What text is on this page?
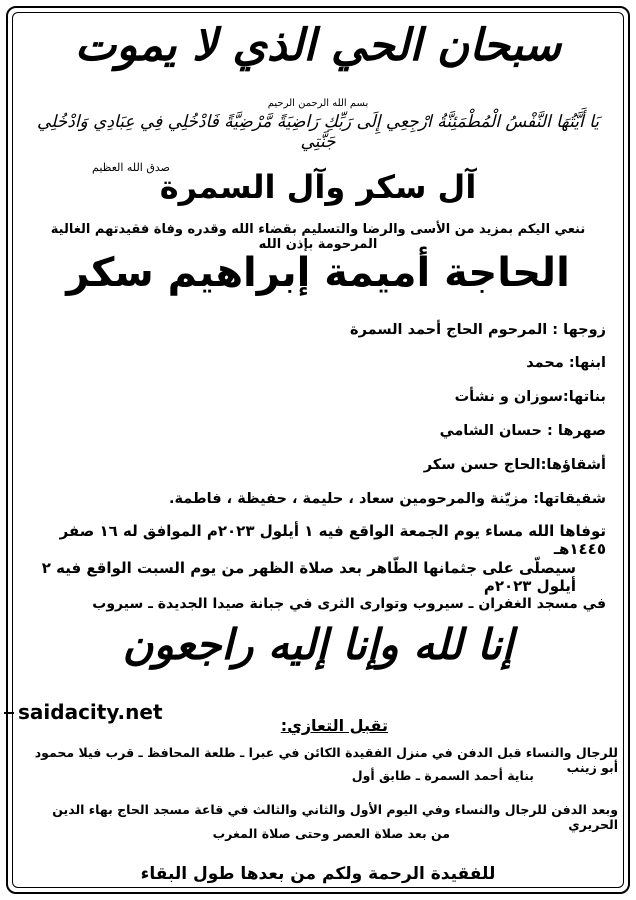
سبحان الحي الذي لا يموت
بسم الله الرحمن الرحيم
يَا أَيَّتُهَا النَّفْسُ الْمُطْمَئِنَّةُ ارْجِعِي إِلَى رَبِّكِ رَاضِيَةً مَّرْضِيَّةً فَادْخُلِي فِي عِبَادِي وَادْخُلِي جَنَّتِي
صدق الله العظيم
آل سكر وآل السمرة
ننعي اليكم بمزيد من الأسى والرضا والتسليم بقضاء الله وقدره وفاة فقيدتهم الغالية المرحومة بإذن الله
الحاجة أميمة إبراهيم سكر
زوجها : المرحوم الحاج أحمد السمرة
ابنها: محمد
بناتها:سوزان و نشأت
صهرها : حسان الشامي
أشقاؤها:الحاج حسن سكر
شقيقاتها: مزيّنة والمرحومين سعاد ، حليمة ، حفيظة ، فاطمة.
توفاها الله مساء يوم الجمعة الواقع فيه ١ أيلول ٢٠٢٣م الموافق له ١٦ صفر ١٤٤٥هـ
سيصلّى على جثمانها الطّاهر بعد صلاة الظهر من يوم السبت الواقع فيه ٢ أيلول ٢٠٢٣م
في مسجد الغفران ـ سيروب وتوارى الثرى في جبانة صيدا الجديدة ـ سيروب
إنا لله وإنا إليه راجعون
saidacity.net
تقبل التعازي:
للرجال والنساء قبل الدفن في منزل الفقيدة الكائن في عبرا ـ طلعة المحافظ ـ قرب فيلا محمود أبو زينب
بناية أحمد السمرة ـ طابق أول
وبعد الدفن للرجال والنساء وفي اليوم الأول والثاني والثالث في قاعة مسجد الحاج بهاء الدين الحريري
من بعد صلاة العصر وحتى صلاة المغرب
للفقيدة الرحمة ولكم من بعدها طول البقاء
